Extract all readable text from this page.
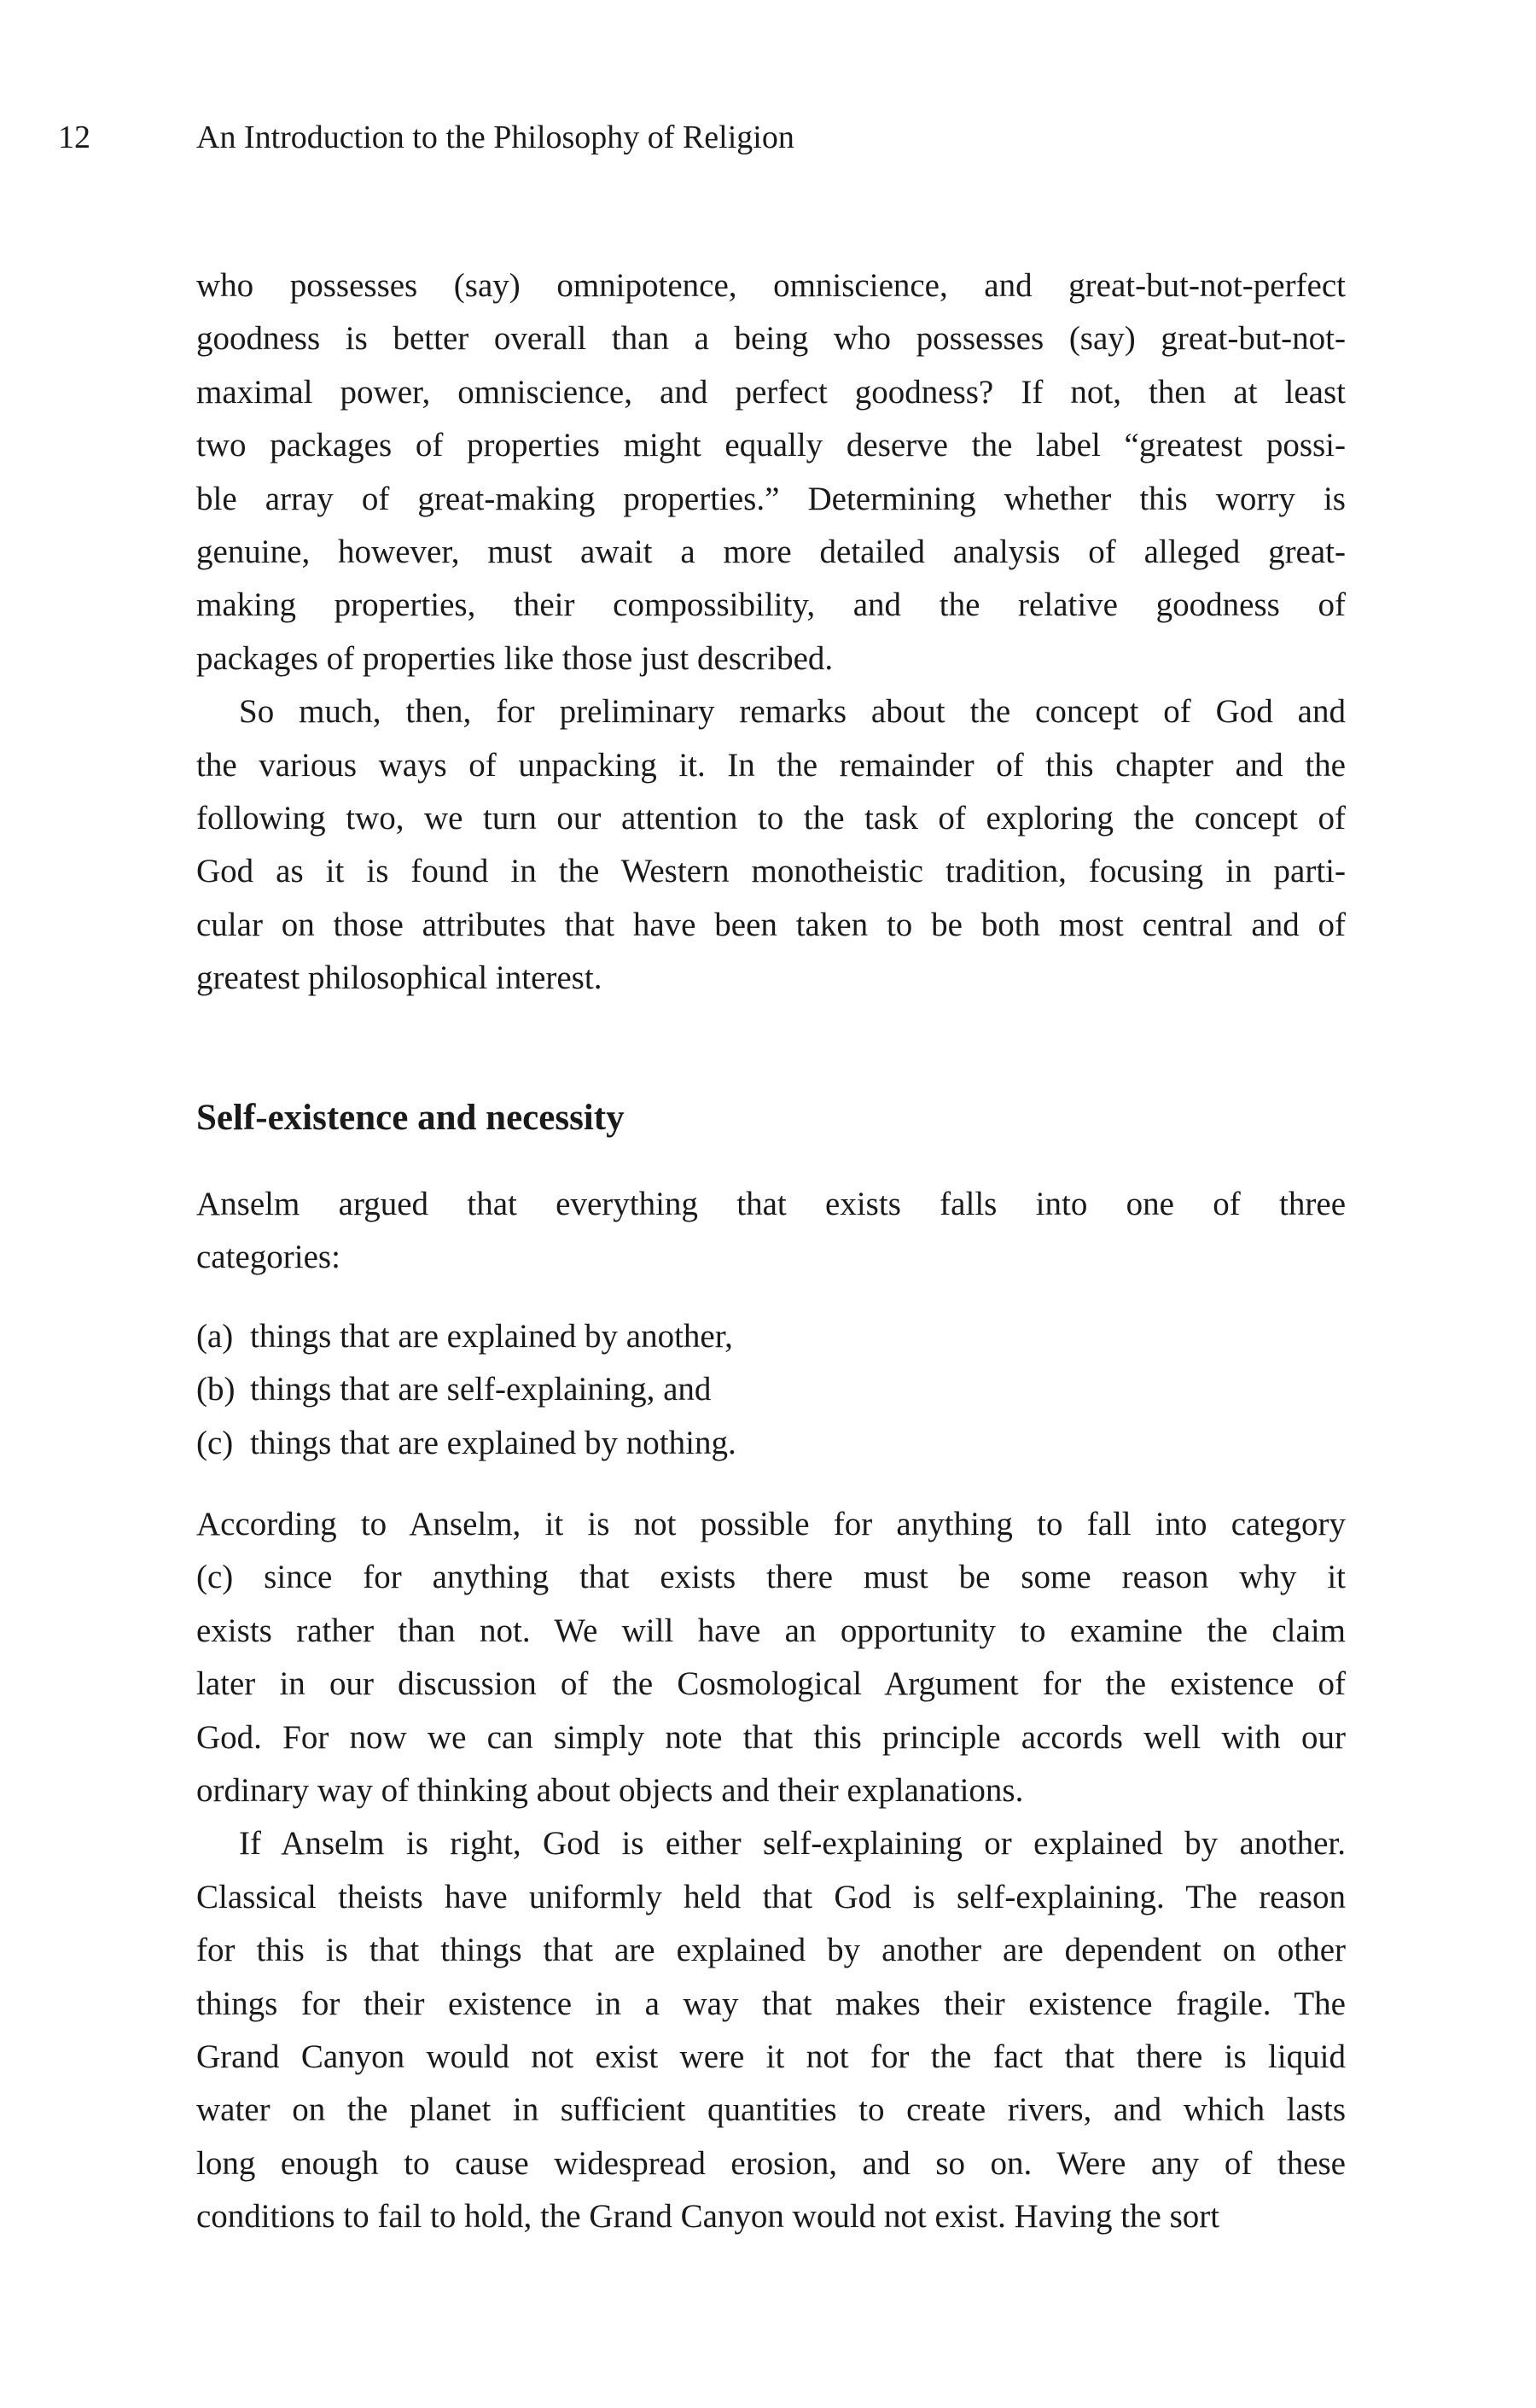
12	An Introduction to the Philosophy of Religion
who possesses (say) omnipotence, omniscience, and great-but-not-perfect
goodness is better overall than a being who possesses (say) great-but-not-
maximal power, omniscience, and perfect goodness? If not, then at least
two packages of properties might equally deserve the label “greatest possi-
ble array of great-making properties.” Determining whether this worry is
genuine, however, must await a more detailed analysis of alleged great-
making properties, their compossibility, and the relative goodness of
packages of properties like those just described.
So much, then, for preliminary remarks about the concept of God and
the various ways of unpacking it. In the remainder of this chapter and the
following two, we turn our attention to the task of exploring the concept of
God as it is found in the Western monotheistic tradition, focusing in parti-
cular on those attributes that have been taken to be both most central and of
greatest philosophical interest.
Self-existence and necessity
Anselm argued that everything that exists falls into one of three
categories:
(a) things that are explained by another,
(b) things that are self-explaining, and
(c) things that are explained by nothing.
According to Anselm, it is not possible for anything to fall into category
(c) since for anything that exists there must be some reason why it
exists rather than not. We will have an opportunity to examine the claim
later in our discussion of the Cosmological Argument for the existence of
God. For now we can simply note that this principle accords well with our
ordinary way of thinking about objects and their explanations.
If Anselm is right, God is either self-explaining or explained by another.
Classical theists have uniformly held that God is self-explaining. The reason
for this is that things that are explained by another are dependent on other
things for their existence in a way that makes their existence fragile. The
Grand Canyon would not exist were it not for the fact that there is liquid
water on the planet in sufficient quantities to create rivers, and which lasts
long enough to cause widespread erosion, and so on. Were any of these
conditions to fail to hold, the Grand Canyon would not exist. Having the sort
